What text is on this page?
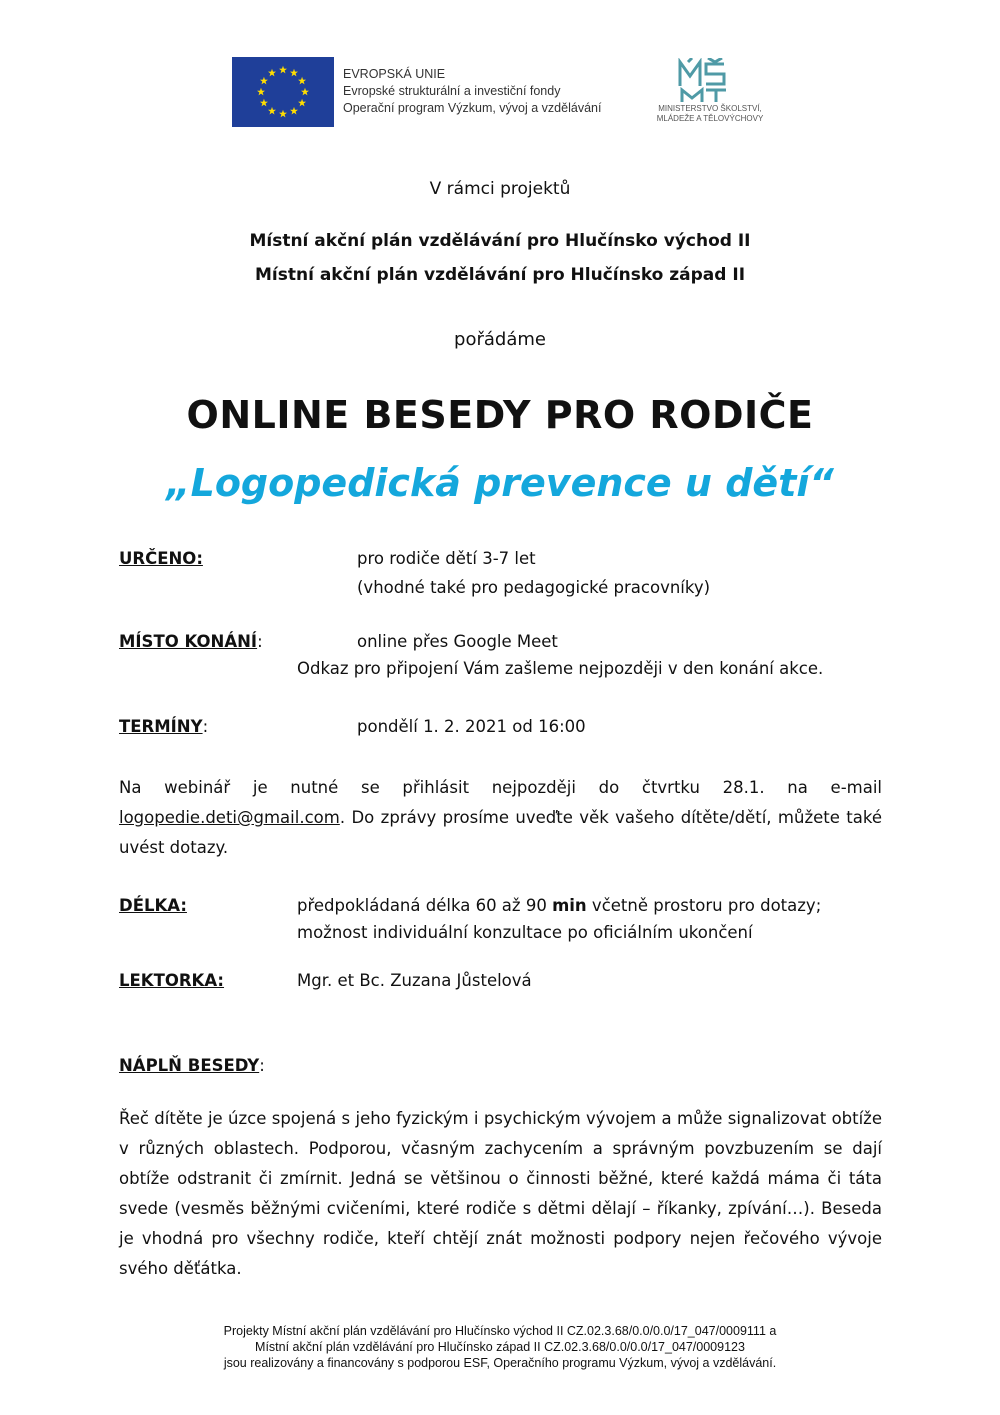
EVROPSKÁ UNIE
Evropské strukturální a investiční fondy
Operační program Výzkum, vývoj a vzdělávání	MINISTERSTVO ŠKOLSTVÍ,
MLÁDEŽE A TĚLOVÝCHOVY
V rámci projektů
Místní akční plán vzdělávání pro Hlučínsko východ II
Místní akční plán vzdělávání pro Hlučínsko západ II
pořádáme
ONLINE BESEDY PRO RODIČE
„Logopedická prevence u dětí“
URČENO:	pro rodiče dětí 3-7 let
(vhodné také pro pedagogické pracovníky)
MÍSTO KONÁNÍ:	online přes Google Meet
Odkaz pro připojení Vám zašleme nejpozději v den konání akce.
TERMÍNY:	pondělí 1. 2. 2021 od 16:00
Na webinář je nutné se přihlásit nejpozději do čtvrtku 28.1. na e-mail logopedie.deti@gmail.com. Do zprávy prosíme uveďte věk vašeho dítěte/dětí, můžete také uvést dotazy.
DÉLKA:	předpokládaná délka 60 až 90 min včetně prostoru pro dotazy;
možnost individuální konzultace po oficiálním ukončení
LEKTORKA:	Mgr. et Bc. Zuzana Jůstelová
NÁPLŇ BESEDY:
Řeč dítěte je úzce spojená s jeho fyzickým i psychickým vývojem a může signalizovat obtíže v různých oblastech. Podporou, včasným zachycením a správným povzbuzením se dají obtíže odstranit či zmírnit. Jedná se většinou o činnosti běžné, které každá máma či táta svede (vesměs běžnými cvičeními, které rodiče s dětmi dělají – říkanky, zpívání…). Beseda je vhodná pro všechny rodiče, kteří chtějí znát možnosti podpory nejen řečového vývoje svého děťátka.
Projekty Místní akční plán vzdělávání pro Hlučínsko východ II CZ.02.3.68/0.0/0.0/17_047/0009111 a
Místní akční plán vzdělávání pro Hlučínsko západ II CZ.02.3.68/0.0/0.0/17_047/0009123
jsou realizovány a financovány s podporou ESF, Operačního programu Výzkum, vývoj a vzdělávání.
